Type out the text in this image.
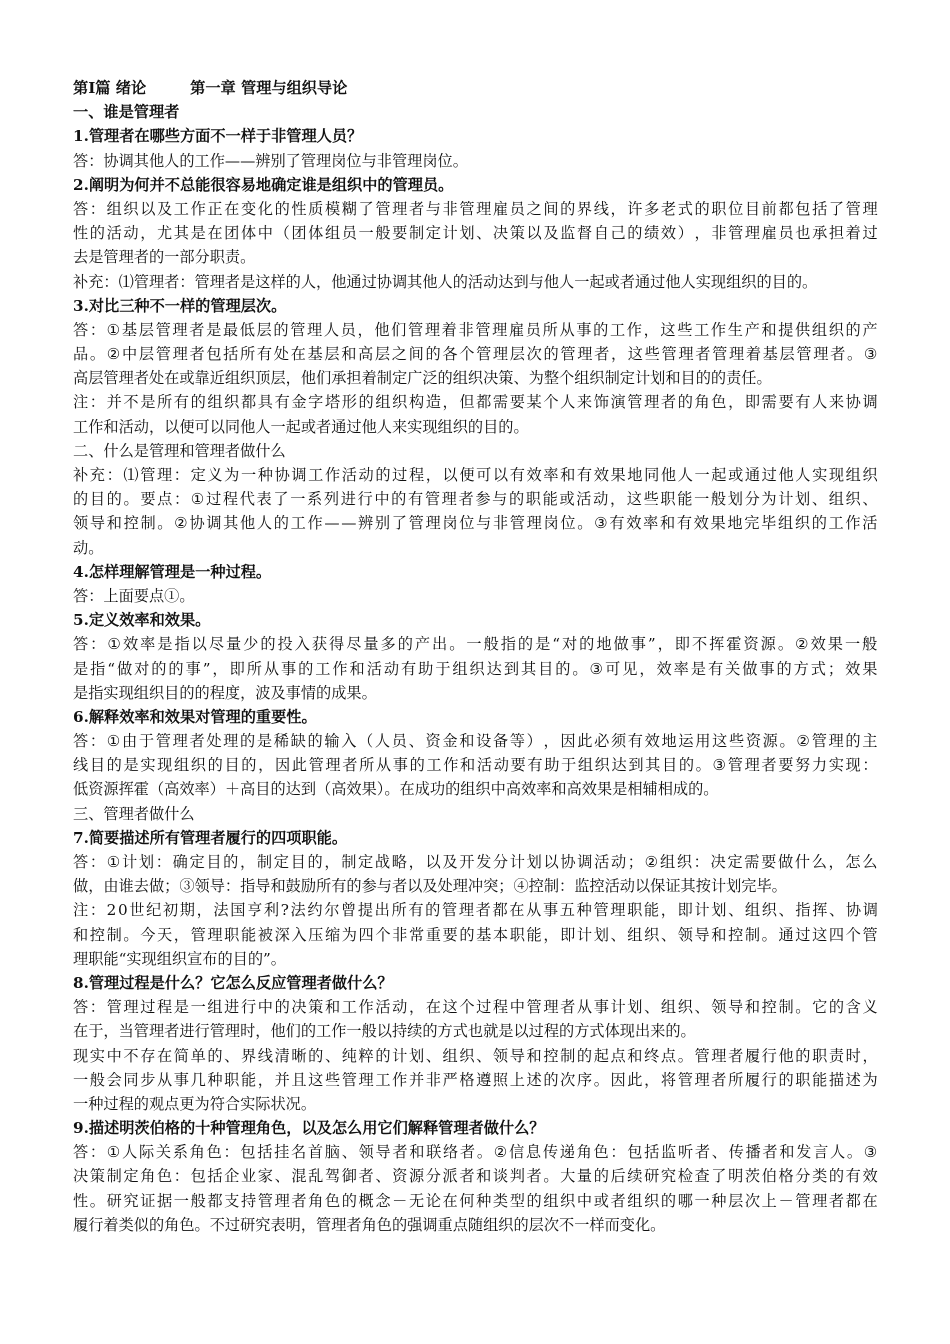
第Ⅰ篇 绪论	第一章 管理与组织导论
一、谁是管理者
1.管理者在哪些方面不一样于非管理人员？
答：协调其他人的工作——辨别了管理岗位与非管理岗位。
2.阐明为何并不总能很容易地确定谁是组织中的管理员。
答 ： 组 织 以 及 工 作 正 在 变 化 的 性 质 模 糊 了 管 理 者 与 非 管 理 雇 员 之 间 的 界 线 ， 许 多 老 式 的 职 位 目 前 都 包 括 了 管 理
性 的 活 动 ， 尤 其 是 在 团 体 中 （ 团 体 组 员 一 般 要 制 定 计 划 、 决 策 以 及 监 督 自 己 的 绩 效 ） ， 非 管 理 雇 员 也 承 担 着 过
去是管理者的一部分职责。
补充：⑴管理者：管理者是这样的人，他通过协调其他人的活动达到与他人一起或者通过他人实现组织的目的。
3.对比三种不一样的管理层次。
答 ： ① 基 层 管 理 者 是 最 低 层 的 管 理 人 员 ， 他 们 管 理 着 非 管 理 雇 员 所 从 事 的 工 作 ， 这 些 工 作 生 产 和 提 供 组 织 的 产
品 。 ② 中 层 管 理 者 包 括 所 有 处 在 基 层 和 高 层 之 间 的 各 个 管 理 层 次 的 管 理 者 ， 这 些 管 理 者 管 理 着 基 层 管 理 者 。 ③
高层管理者处在或靠近组织顶层，他们承担着制定广泛的组织决策、为整个组织制定计划和目的的责任。
注 ： 并 不 是 所 有 的 组 织 都 具 有 金 字 塔 形 的 组 织 构 造 ， 但 都 需 要 某 个 人 来 饰 演 管 理 者 的 角 色 ， 即 需 要 有 人 来 协 调
工作和活动，以便可以同他人一起或者通过他人来实现组织的目的。
二、什么是管理和管理者做什么
补 充 ： ⑴ 管 理 ： 定 义 为 一 种 协 调 工 作 活 动 的 过 程 ， 以 便 可 以 有 效 率 和 有 效 果 地 同 他 人 一 起 或 通 过 他 人 实 现 组 织
的 目 的 。 要 点 ： ① 过 程 代 表 了 一 系 列 进 行 中 的 有 管 理 者 参 与 的 职 能 或 活 动 ， 这 些 职 能 一 般 划 分 为 计 划 、 组 织 、
领 导 和 控 制 。 ② 协 调 其 他 人 的 工 作 — — 辨 别 了 管 理 岗 位 与 非 管 理 岗 位 。 ③ 有 效 率 和 有 效 果 地 完 毕 组 织 的 工 作 活
动。
4.怎样理解管理是一种过程。
答：上面要点①。
5.定义效率和效果。
答 ： ① 效 率 是 指 以 尽 量 少 的 投 入 获 得 尽 量 多 的 产 出 。 一 般 指 的 是 “ 对 的 地 做 事 ” ， 即 不 挥 霍 资 源 。 ② 效 果 一 般
是 指 “ 做 对 的 的 事 ” ， 即 所 从 事 的 工 作 和 活 动 有 助 于 组 织 达 到 其 目 的 。 ③ 可 见 ， 效 率 是 有 关 做 事 的 方 式 ； 效 果
是指实现组织目的的程度，波及事情的成果。
6.解释效率和效果对管理的重要性。
答 ： ① 由 于 管 理 者 处 理 的 是 稀 缺 的 输 入 （ 人 员 、 资 金 和 设 备 等 ） ， 因 此 必 须 有 效 地 运 用 这 些 资 源 。 ② 管 理 的 主
线 目 的 是 实 现 组 织 的 目 的 ， 因 此 管 理 者 所 从 事 的 工 作 和 活 动 要 有 助 于 组 织 达 到 其 目 的 。 ③ 管 理 者 要 努 力 实 现 ：
低资源挥霍（高效率）＋高目的达到（高效果）。在成功的组织中高效率和高效果是相辅相成的。
三、管理者做什么
7.简要描述所有管理者履行的四项职能。
答 ： ① 计 划 ： 确 定 目 的 ， 制 定 目 的 ， 制 定 战 略 ， 以 及 开 发 分 计 划 以 协 调 活 动 ； ② 组 织 ： 决 定 需 要 做 什 么 ， 怎 么
做，由谁去做；③领导：指导和鼓励所有的参与者以及处理冲突；④控制：监控活动以保证其按计划完毕。
注 ： 2 0 世 纪 初 期 ， 法 国 亨 利 ? 法 约 尔 曾 提 出 所 有 的 管 理 者 都 在 从 事 五 种 管 理 职 能 ， 即 计 划 、 组 织 、 指 挥 、 协 调
和 控 制 。 今 天 ， 管 理 职 能 被 深 入 压 缩 为 四 个 非 常 重 要 的 基 本 职 能 ， 即 计 划 、 组 织 、 领 导 和 控 制 。 通 过 这 四 个 管
理职能“实现组织宣布的目的”。
8.管理过程是什么？它怎么反应管理者做什么？
答 ： 管 理 过 程 是 一 组 进 行 中 的 决 策 和 工 作 活 动 ， 在 这 个 过 程 中 管 理 者 从 事 计 划 、 组 织 、 领 导 和 控 制 。 它 的 含 义
在于，当管理者进行管理时，他们的工作一般以持续的方式也就是以过程的方式体现出来的。
现 实 中 不 存 在 简 单 的 、 界 线 清 晰 的 、 纯 粹 的 计 划 、 组 织 、 领 导 和 控 制 的 起 点 和 终 点 。 管 理 者 履 行 他 的 职 责 时 ，
一 般 会 同 步 从 事 几 种 职 能 ， 并 且 这 些 管 理 工 作 并 非 严 格 遵 照 上 述 的 次 序 。 因 此 ， 将 管 理 者 所 履 行 的 职 能 描 述 为
一种过程的观点更为符合实际状况。
9.描述明茨伯格的十种管理角色，以及怎么用它们解释管理者做什么？
答 ： ① 人 际 关 系 角 色 ： 包 括 挂 名 首 脑 、 领 导 者 和 联 络 者 。 ② 信 息 传 递 角 色 ： 包 括 监 听 者 、 传 播 者 和 发 言 人 。 ③
决 策 制 定 角 色 ： 包 括 企 业 家 、 混 乱 驾 御 者 、 资 源 分 派 者 和 谈 判 者 。 大 量 的 后 续 研 究 检 查 了 明 茨 伯 格 分 类 的 有 效
性 。 研 究 证 据 一 般 都 支 持 管 理 者 角 色 的 概 念 － 无 论 在 何 种 类 型 的 组 织 中 或 者 组 织 的 哪 一 种 层 次 上 － 管 理 者 都 在
履行着类似的角色。不过研究表明，管理者角色的强调重点随组织的层次不一样而变化。
